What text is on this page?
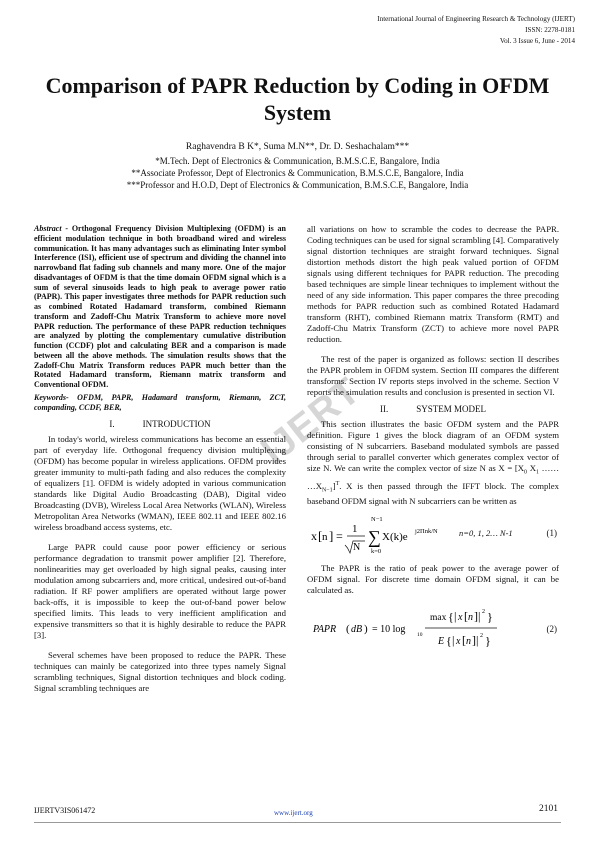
International Journal of Engineering Research & Technology (IJERT)
ISSN: 2278-0181
Vol. 3 Issue 6, June - 2014
Comparison of PAPR Reduction by Coding in OFDM System
Raghavendra B K*, Suma M.N**, Dr. D. Seshachalam***
*M.Tech. Dept of Electronics & Communication, B.M.S.C.E, Bangalore, India
**Associate Professor, Dept of Electronics & Communication, B.M.S.C.E, Bangalore, India
***Professor and H.O.D, Dept of Electronics & Communication, B.M.S.C.E, Bangalore, India
IJERT

Abstract - Orthogonal Frequency Division Multiplexing (OFDM) is an efficient modulation technique in both broadband wired and wireless communication. It has many advantages such as eliminating Inter symbol Interference (ISI), efficient use of spectrum and dividing the channel into narrowband flat fading sub channels and many more. One of the major disadvantages of OFDM is that the time domain OFDM signal which is a sum of several sinusoids leads to high peak to average power ratio (PAPR). This paper investigates three methods for PAPR reduction such as combined Rotated Hadamard transform, combined Riemann transform and Zadoff-Chu Matrix Transform to achieve more novel PAPR reduction. The performance of these PAPR reduction techniques are analyzed by plotting the complementary cumulative distribution function (CCDF) plot and calculating BER and a comparison is made between all the above methods. The simulation results shows that the Zadoff-Chu Matrix Transform reduces PAPR much better than the Rotated Hadamard transform, Riemann matrix transform and Conventional OFDM.

Keywords- OFDM, PAPR, Hadamard transform, Riemann, ZCT, companding, CCDF, BER,

I.	INTRODUCTION

In today's world, wireless communications has become an essential part of everyday life. Orthogonal frequency division multiplexing (OFDM) has become popular in wireless applications. OFDM provides greater immunity to multi-path fading and also reduces the complexity of equalizers [1]. OFDM is widely adopted in various communication standards like Digital Audio Broadcasting (DAB), Digital video Broadcasting (DVB), Wireless Local Area Networks (WLAN), Wireless Metropolitan Area Networks (WMAN), IEEE 802.11 and IEEE 802.16 wireless broadband access systems, etc.

Large PAPR could cause poor power efficiency or serious performance degradation to transmit power amplifier [2]. Therefore, nonlinearities may get overloaded by high signal peaks, causing inter modulation among subcarriers and, more critical, undesired out-of-band radiation. If RF power amplifiers are operated without large power back-offs, it is impossible to keep the out-of-band power below specified limits. This leads to very inefficient amplification and expensive transmitters so that it is highly desirable to reduce the PAPR [3].

Several schemes have been proposed to reduce the PAPR. These techniques can mainly be categorized into three types namely Signal scrambling techniques, Signal distortion techniques and block coding. Signal scrambling techniques are

all variations on how to scramble the codes to decrease the PAPR. Coding techniques can be used for signal scrambling [4]. Comparatively signal distortion techniques are straight forward techniques. Signal distortion methods distort the high peak valued portion of OFDM signals using different techniques for PAPR reduction. The precoding based techniques are simple linear techniques to implement without the need of any side information. This paper compares the three precoding methods for PAPR reduction such as combined Rotated Hadamard transform (RHT), combined Riemann matrix Transform (RMT) and Zadoff-Chu Matrix Transform (ZCT) to achieve more novel PAPR reduction.

The rest of the paper is organized as follows: section II describes the PAPR problem in OFDM system. Section III compares the different transforms. Section IV reports steps involved in the scheme. Section V reports the simulation results and conclusion is presented in section VI.

II.	SYSTEM MODEL

This section illustrates the basic OFDM system and the PAPR definition. Figure 1 gives the block diagram of an OFDM system consisting of N subcarriers. Baseband modulated symbols are passed through serial to parallel converter which generates complex vector of size N. We can write the complex vector of size N as $X = [X_0$ $X_1$ …… $\dots X_{N-1}]^T$. X is then passed through the IFFT block. The complex baseband OFDM signal with N subcarriers can be written as

x [ n ] = 1
N
N−1
∑
k=0
X(k)e j2Πnk/N	n=0, 1, 2… N-1	(1)

The PAPR is the ratio of peak power to the average power of OFDM signal. For discrete time domain OFDM signal, it can be calculated as.

PAPR ( dB ) = 10 log 10
max { | x [ n ] | 2 }
E { | x [ n ] | 2 }
(2)
IJERTV3IS061472	www.ijert.org	2101
